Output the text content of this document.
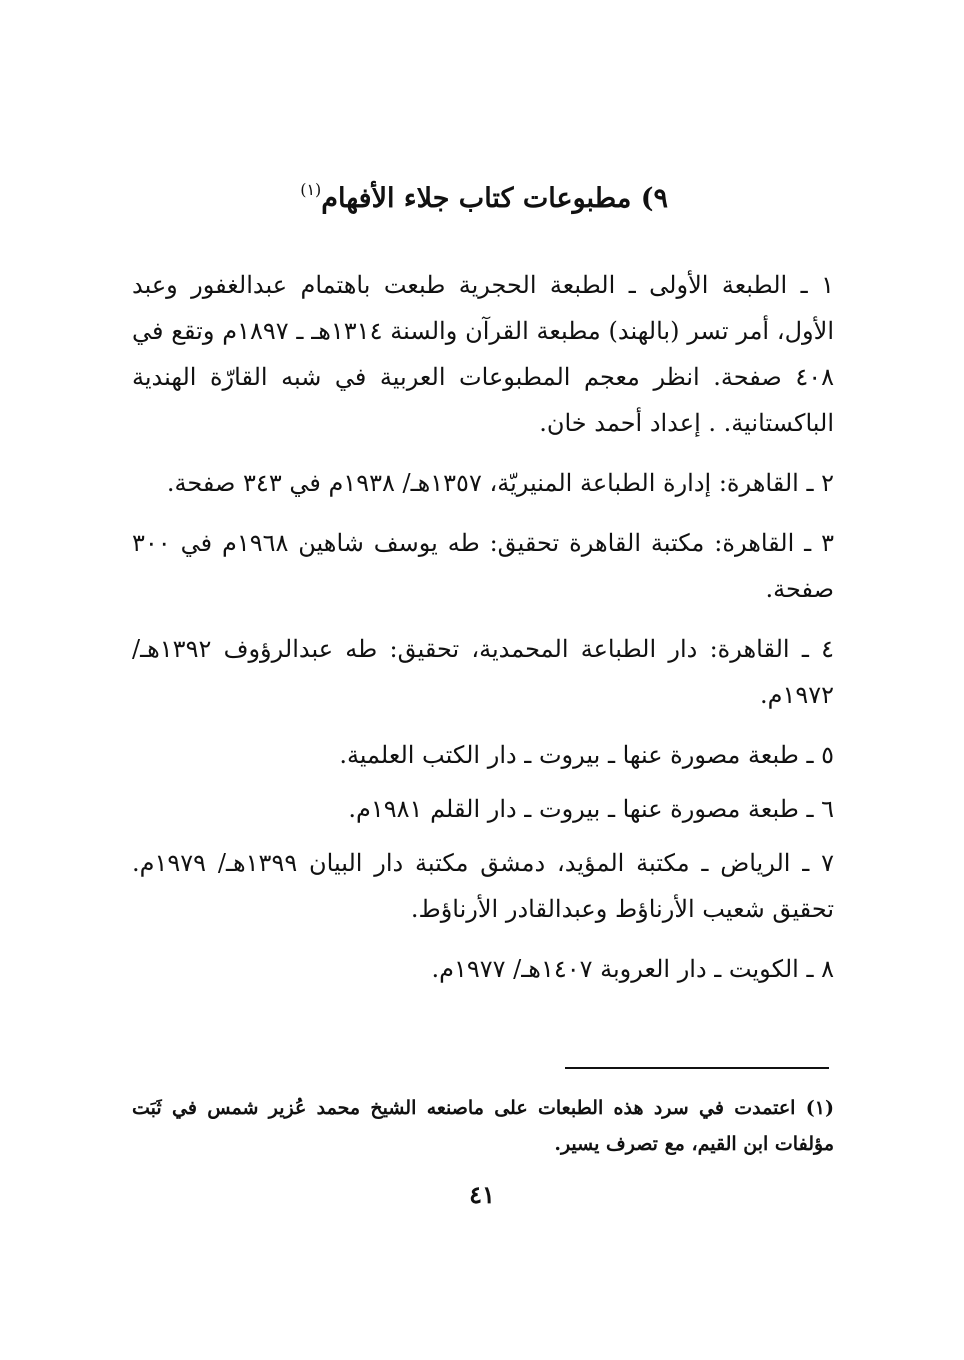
٩) مطبوعات كتاب جلاء الأفهام$^{(١)}$

١ ـ الطبعة الأولى ـ الطبعة الحجرية طبعت باهتمام عبدالغفور وعبد الأول، أمر تسر (بالهند) مطبعة القرآن والسنة ١٣١٤هـ ـ ١٨٩٧م وتقع في ٤٠٨ صفحة. انظر معجم المطبوعات العربية في شبه القارّة الهندية الباكستانية. . إعداد أحمد خان.

٢ ـ القاهرة: إدارة الطباعة المنيريّة، ١٣٥٧هـ/ ١٩٣٨م في ٣٤٣ صفحة.

٣ ـ القاهرة: مكتبة القاهرة تحقيق: طه يوسف شاهين ١٩٦٨م في ٣٠٠ صفحة.

٤ ـ القاهرة: دار الطباعة المحمدية، تحقيق: طه عبدالرؤوف ١٣٩٢هـ/ ١٩٧٢م.

٥ ـ طبعة مصورة عنها ـ بيروت ـ دار الكتب العلمية.

٦ ـ طبعة مصورة عنها ـ بيروت ـ دار القلم ١٩٨١م.

٧ ـ الرياض ـ مكتبة المؤيد، دمشق مكتبة دار البيان ١٣٩٩هـ/ ١٩٧٩م. تحقيق شعيب الأرناؤط وعبدالقادر الأرناؤط.

٨ ـ الكويت ـ دار العروبة ١٤٠٧هـ/ ١٩٧٧م.

(١) اعتمدت في سرد هذه الطبعات على ماصنعه الشيخ محمد عُزير شمس في ثَبَت مؤلفات ابن القيم، مع تصرف يسير.
٤١
